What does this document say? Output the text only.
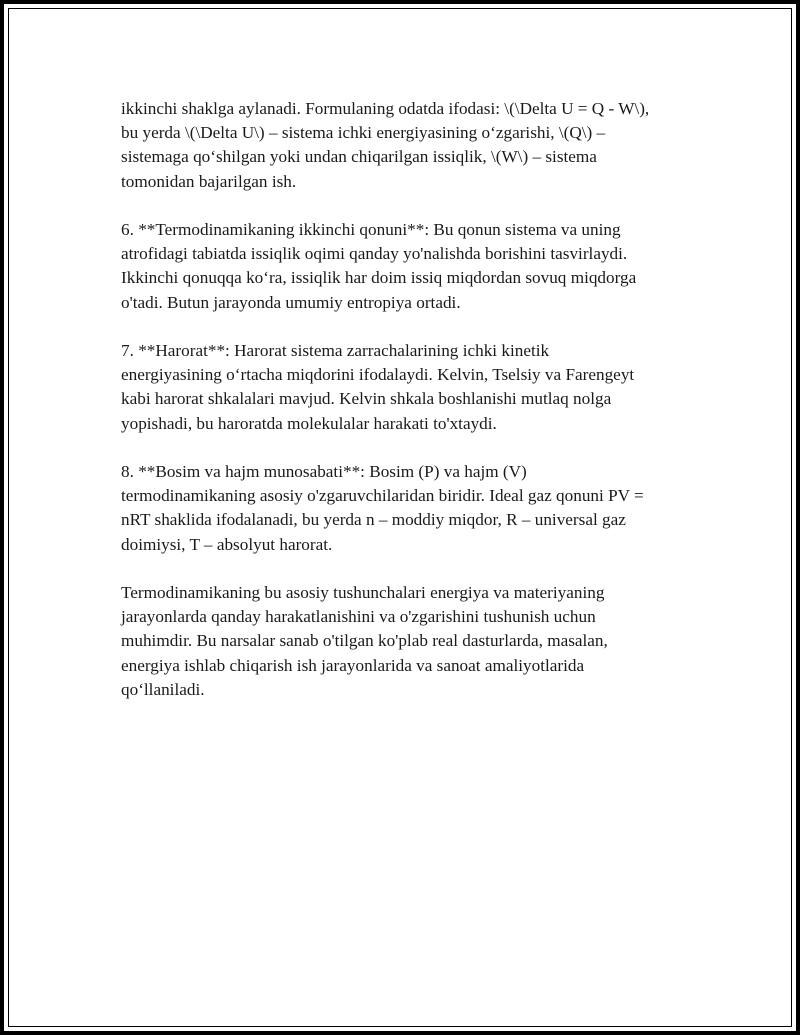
ikkinchi shaklga aylanadi. Formulaning odatda ifodasi: \(\Delta U = Q - W\),
bu yerda \(\Delta U\) – sistema ichki energiyasining o‘zgarishi, \(Q\) –
sistemaga qo‘shilgan yoki undan chiqarilgan issiqlik, \(W\) – sistema
tomonidan bajarilgan ish.

6. **Termodinamikaning ikkinchi qonuni**: Bu qonun sistema va uning
atrofidagi tabiatda issiqlik oqimi qanday yo'nalishda borishini tasvirlaydi.
Ikkinchi qonuqqa ko‘ra, issiqlik har doim issiq miqdordan sovuq miqdorga
o'tadi. Butun jarayonda umumiy entropiya ortadi.

7. **Harorat**: Harorat sistema zarrachalarining ichki kinetik
energiyasining o‘rtacha miqdorini ifodalaydi. Kelvin, Tselsiy va Farengeyt
kabi harorat shkalalari mavjud. Kelvin shkala boshlanishi mutlaq nolga
yopishadi, bu haroratda molekulalar harakati to'xtaydi.

8. **Bosim va hajm munosabati**: Bosim (P) va hajm (V)
termodinamikaning asosiy o'zgaruvchilaridan biridir. Ideal gaz qonuni PV =
nRT shaklida ifodalanadi, bu yerda n – moddiy miqdor, R – universal gaz
doimiysi, T – absolyut harorat.

Termodinamikaning bu asosiy tushunchalari energiya va materiyaning
jarayonlarda qanday harakatlanishini va o'zgarishini tushunish uchun
muhimdir. Bu narsalar sanab o'tilgan ko'plab real dasturlarda, masalan,
energiya ishlab chiqarish ish jarayonlarida va sanoat amaliyotlarida
qo‘llaniladi.
